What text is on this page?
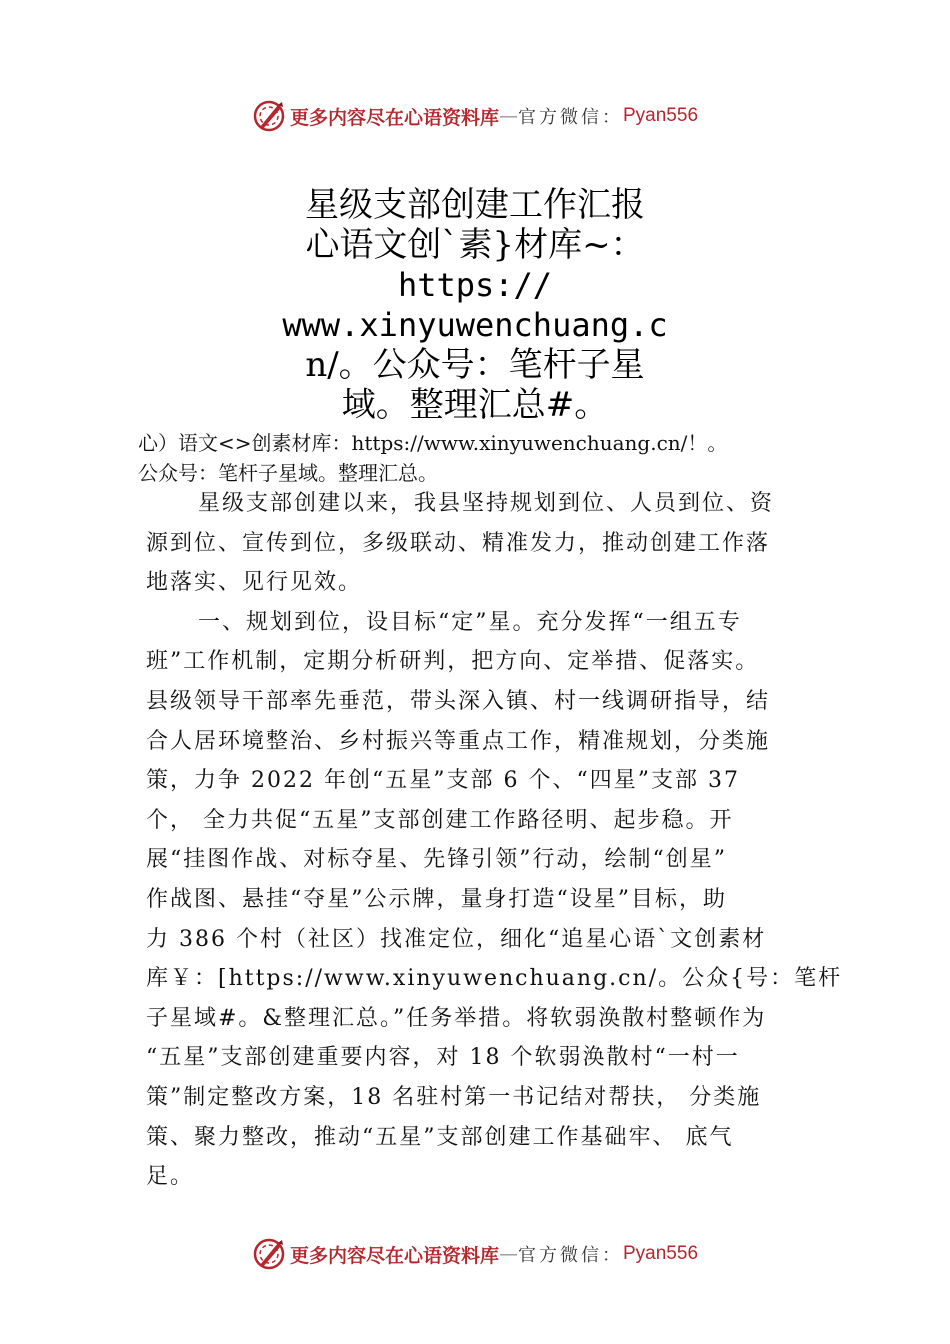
更多内容尽在心语资料库 — 官方微信： Pyan556
星级支部创建工作汇报
心语文创`素}材库~：
https://
www.xinyuwenchuang.c
n/。公众号：笔杆子星
域。整理汇总#。
心）语文<>创素材库：https://www.xinyuwenchuang.cn/！。
公众号：笔杆子星域。整理汇总。
星级支部创建以来，我县坚持规划到位、人员到位、资
源到位、宣传到位，多级联动、精准发力，推动创建工作落
地落实、见行见效。
一、规划到位，设目标“定”星。充分发挥“一组五专
班”工作机制，定期分析研判，把方向、定举措、促落实。
县级领导干部率先垂范，带头深入镇、村一线调研指导，结
合人居环境整治、乡村振兴等重点工作，精准规划，分类施
策，力争 2022 年创“五星”支部 6 个、“四星”支部 37
个， 全力共促“五星”支部创建工作路径明、起步稳。开
展“挂图作战、对标夺星、先锋引领”行动，绘制“创星”
作战图、悬挂“夺星”公示牌，量身打造“设星”目标，助
力 386 个村（社区）找准定位，细化“追星心语`文创素材
库￥：[https://www.xinyuwenchuang.cn/。公众{号：笔杆
子星域#。&整理汇总。”任务举措。将软弱涣散村整顿作为
“五星”支部创建重要内容，对 18 个软弱涣散村“一村一
策”制定整改方案，18 名驻村第一书记结对帮扶， 分类施
策、聚力整改，推动“五星”支部创建工作基础牢、 底气
足。
更多内容尽在心语资料库 — 官方微信： Pyan556
